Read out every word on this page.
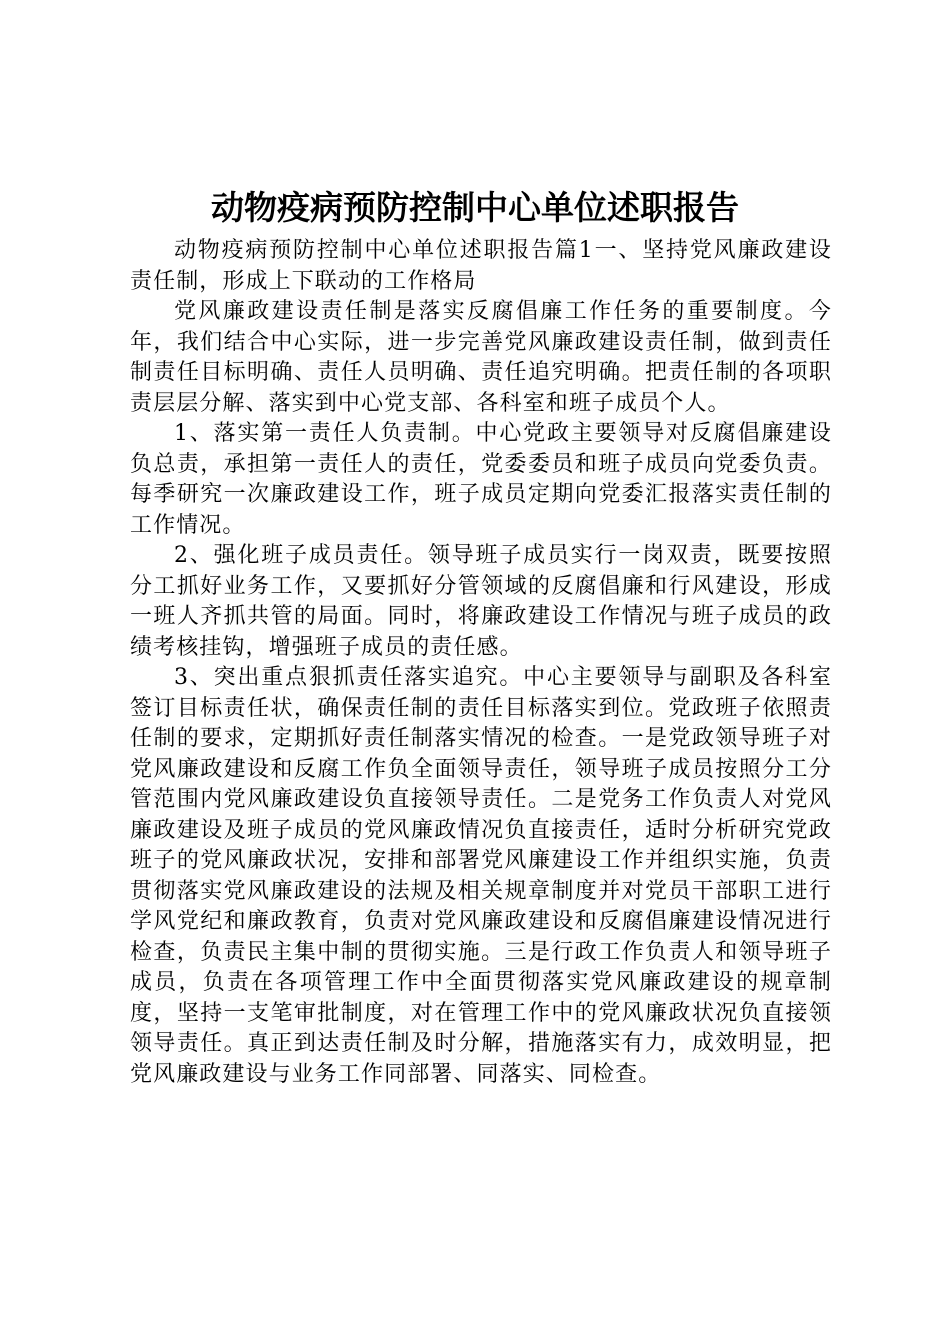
动物疫病预防控制中心单位述职报告

动物疫病预防控制中心单位述职报告篇1一、坚持党风廉政建设责任制，形成上下联动的工作格局

党风廉政建设责任制是落实反腐倡廉工作任务的重要制度。今年，我们结合中心实际，进一步完善党风廉政建设责任制，做到责任制责任目标明确、责任人员明确、责任追究明确。把责任制的各项职责层层分解、落实到中心党支部、各科室和班子成员个人。

1、落实第一责任人负责制。中心党政主要领导对反腐倡廉建设负总责，承担第一责任人的责任，党委委员和班子成员向党委负责。每季研究一次廉政建设工作，班子成员定期向党委汇报落实责任制的工作情况。

2、强化班子成员责任。领导班子成员实行一岗双责，既要按照分工抓好业务工作，又要抓好分管领域的反腐倡廉和行风建设，形成一班人齐抓共管的局面。同时，将廉政建设工作情况与班子成员的政绩考核挂钩，增强班子成员的责任感。

3、突出重点狠抓责任落实追究。中心主要领导与副职及各科室签订目标责任状，确保责任制的责任目标落实到位。党政班子依照责任制的要求，定期抓好责任制落实情况的检查。一是党政领导班子对党风廉政建设和反腐工作负全面领导责任，领导班子成员按照分工分管范围内党风廉政建设负直接领导责任。二是党务工作负责人对党风廉政建设及班子成员的党风廉政情况负直接责任，适时分析研究党政班子的党风廉政状况，安排和部署党风廉建设工作并组织实施，负责贯彻落实党风廉政建设的法规及相关规章制度并对党员干部职工进行学风党纪和廉政教育，负责对党风廉政建设和反腐倡廉建设情况进行检查，负责民主集中制的贯彻实施。三是行政工作负责人和领导班子成员，负责在各项管理工作中全面贯彻落实党风廉政建设的规章制度，坚持一支笔审批制度，对在管理工作中的党风廉政状况负直接领领导责任。真正到达责任制及时分解，措施落实有力，成效明显，把党风廉政建设与业务工作同部署、同落实、同检查。
